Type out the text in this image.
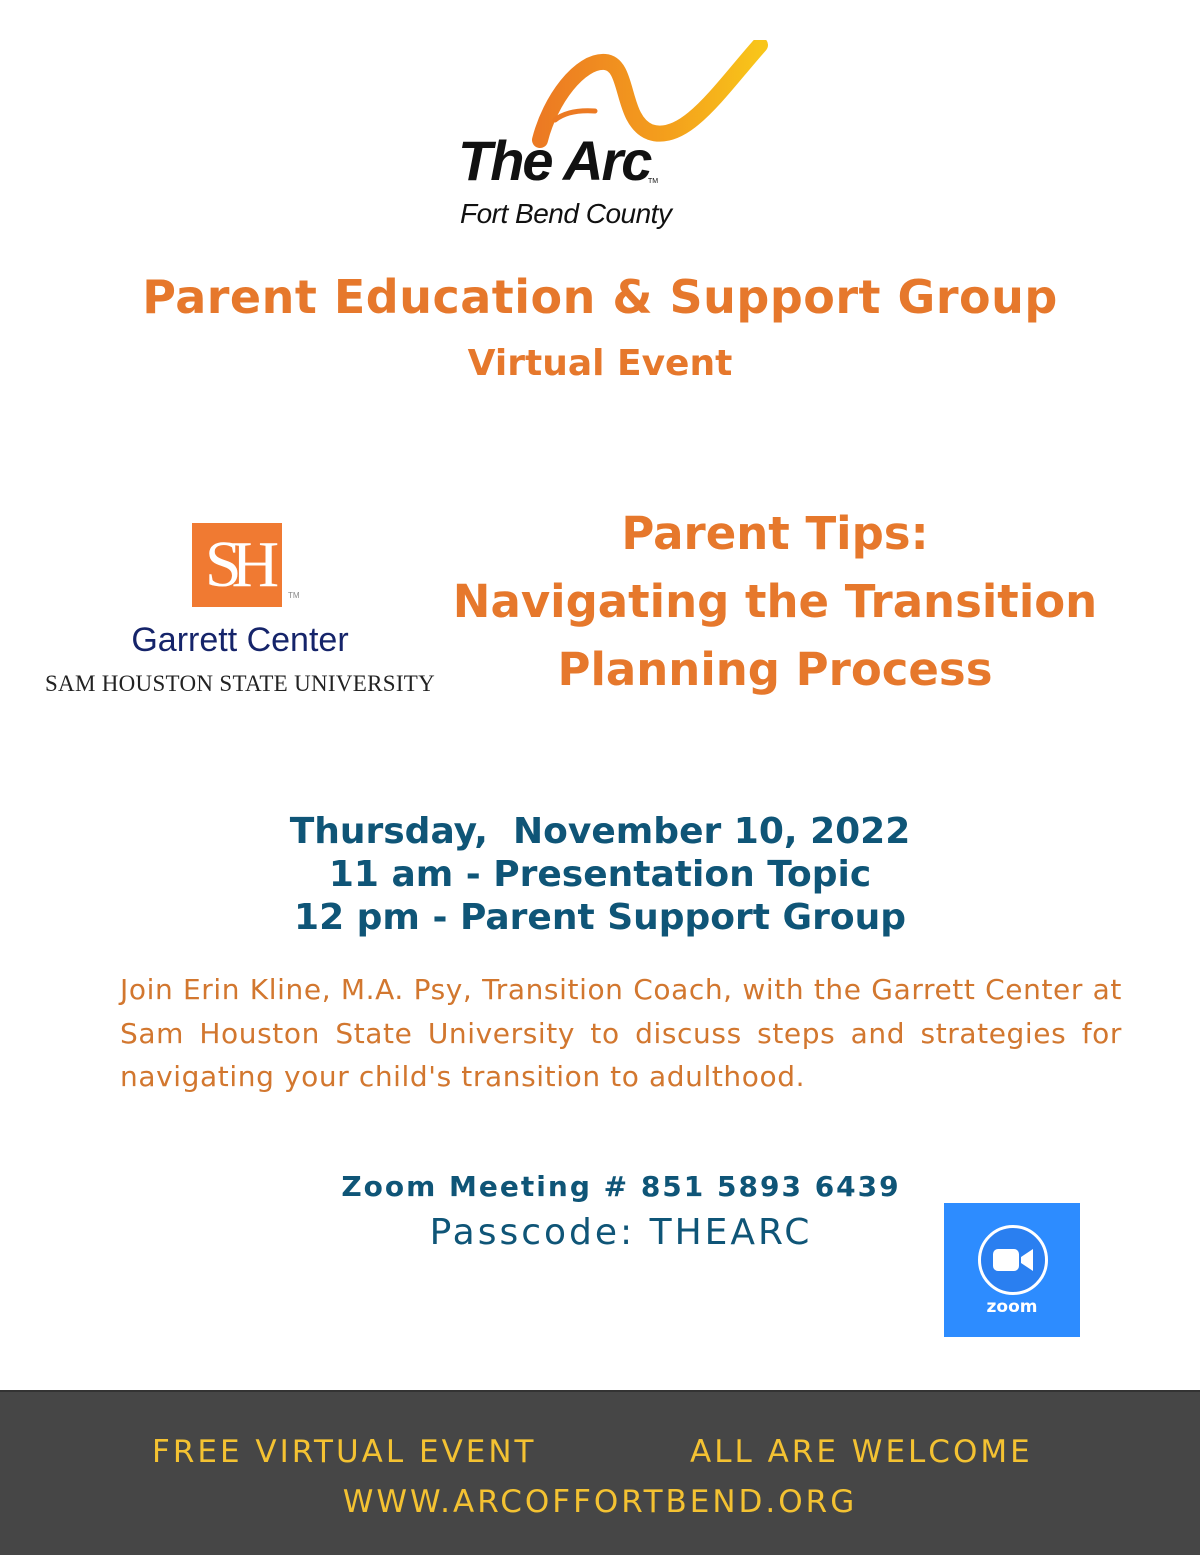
The Arc
TM
Fort Bend County
Parent Education & Support Group
Virtual Event
SH	TM
Garrett Center
SAM HOUSTON STATE UNIVERSITY
Parent Tips:
Navigating the Transition
Planning Process
Thursday,  November 10, 2022
11 am - Presentation Topic
12 pm - Parent Support Group
Join Erin Kline, M.A. Psy, Transition Coach, with the Garrett Center at Sam Houston State University to discuss steps and strategies for navigating your child's transition to adulthood.
Zoom Meeting # 851 5893 6439
Passcode: THEARC
zoom
FREE VIRTUAL EVENT	ALL ARE WELCOME
WWW.ARCOFFORTBEND.ORG
